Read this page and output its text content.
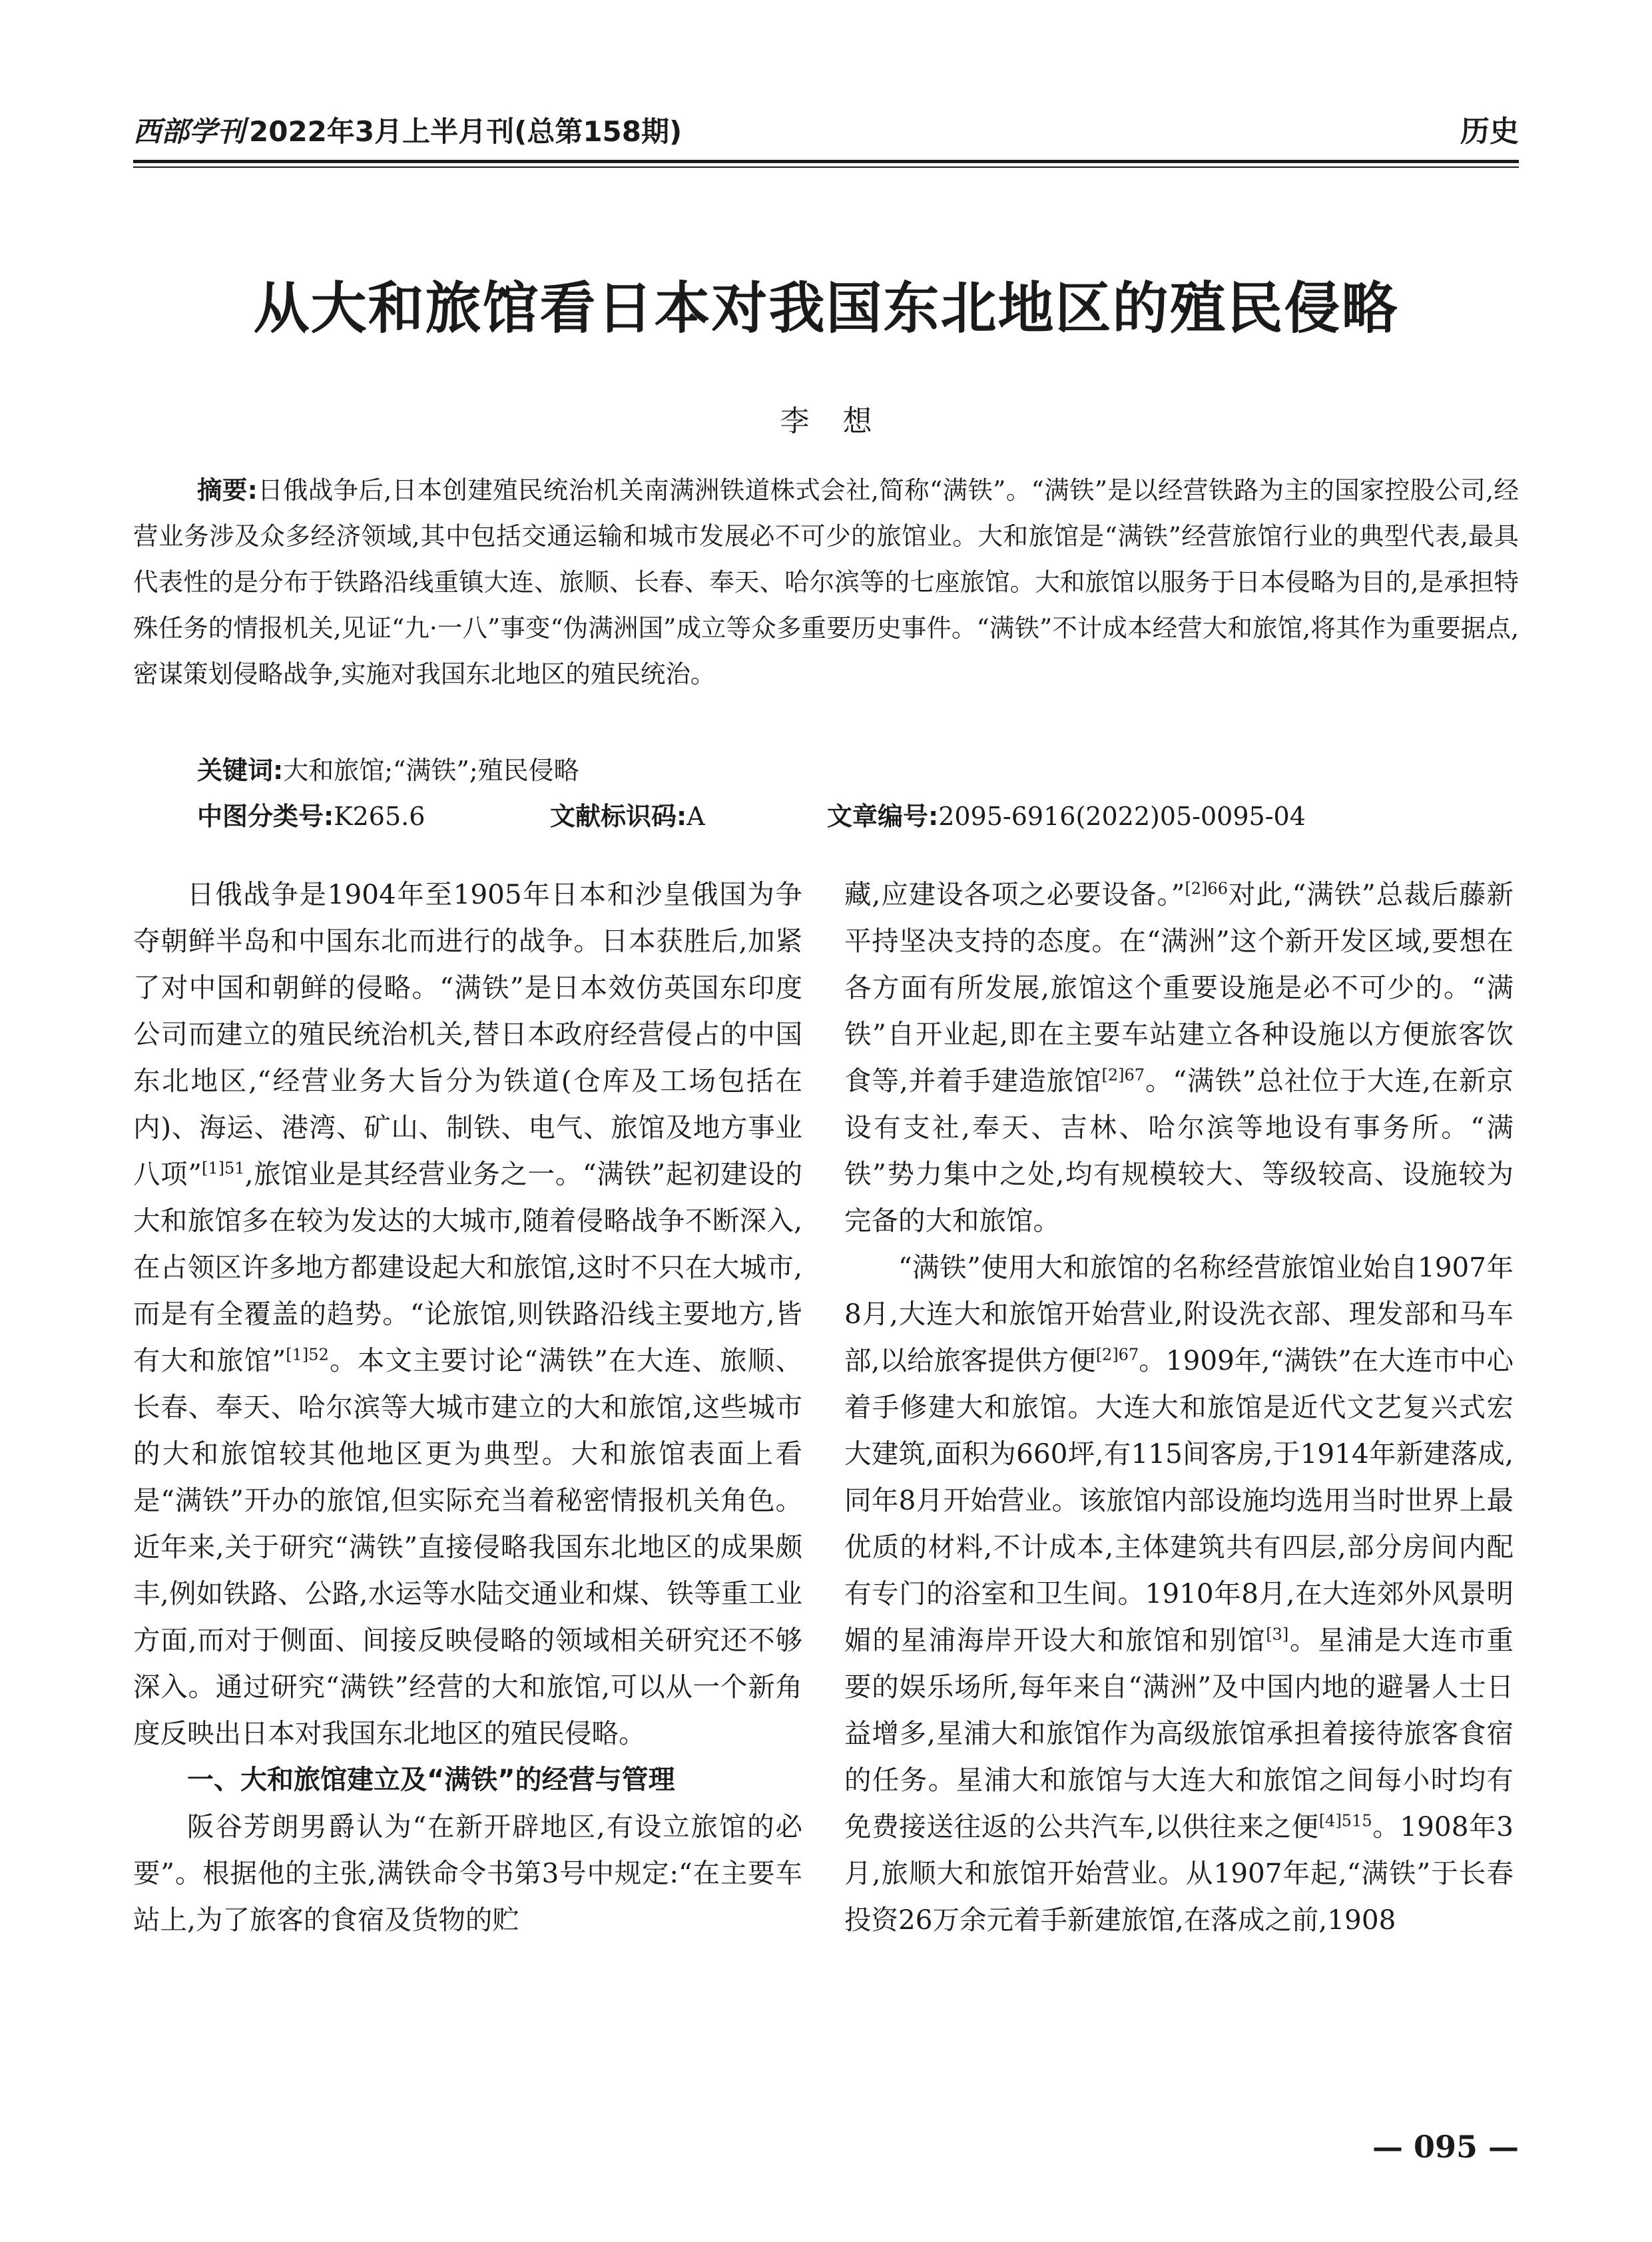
西部学刊 2022年3月上半月刊(总第158期)	历史
从大和旅馆看日本对我国东北地区的殖民侵略
李想
摘要:日俄战争后,日本创建殖民统治机关南满洲铁道株式会社,简称“满铁”。“满铁”是以经营铁路为主的国家控股公司,经营业务涉及众多经济领域,其中包括交通运输和城市发展必不可少的旅馆业。大和旅馆是“满铁”经营旅馆行业的典型代表,最具代表性的是分布于铁路沿线重镇大连、旅顺、长春、奉天、哈尔滨等的七座旅馆。大和旅馆以服务于日本侵略为目的,是承担特殊任务的情报机关,见证“九·一八”事变“伪满洲国”成立等众多重要历史事件。“满铁”不计成本经营大和旅馆,将其作为重要据点,密谋策划侵略战争,实施对我国东北地区的殖民统治。
关键词:大和旅馆;“满铁”;殖民侵略
中图分类号:K265.6	文献标识码:A	文章编号:2095-6916(2022)05-0095-04

日俄战争是1904年至1905年日本和沙皇俄国为争夺朝鲜半岛和中国东北而进行的战争。日本获胜后,加紧了对中国和朝鲜的侵略。“满铁”是日本效仿英国东印度公司而建立的殖民统治机关,替日本政府经营侵占的中国东北地区,“经营业务大旨分为铁道(仓库及工场包括在内)、海运、港湾、矿山、制铁、电气、旅馆及地方事业八项”$^{[1]51}$,旅馆业是其经营业务之一。“满铁”起初建设的大和旅馆多在较为发达的大城市,随着侵略战争不断深入,在占领区许多地方都建设起大和旅馆,这时不只在大城市,而是有全覆盖的趋势。“论旅馆,则铁路沿线主要地方,皆有大和旅馆”$^{[1]52}$。本文主要讨论“满铁”在大连、旅顺、长春、奉天、哈尔滨等大城市建立的大和旅馆,这些城市的大和旅馆较其他地区更为典型。大和旅馆表面上看是“满铁”开办的旅馆,但实际充当着秘密情报机关角色。近年来,关于研究“满铁”直接侵略我国东北地区的成果颇丰,例如铁路、公路,水运等水陆交通业和煤、铁等重工业方面,而对于侧面、间接反映侵略的领域相关研究还不够深入。通过研究“满铁”经营的大和旅馆,可以从一个新角度反映出日本对我国东北地区的殖民侵略。

一、大和旅馆建立及“满铁”的经营与管理

阪谷芳朗男爵认为“在新开辟地区,有设立旅馆的必要”。根据他的主张,满铁命令书第3号中规定:“在主要车站上,为了旅客的食宿及货物的贮

藏,应建设各项之必要设备。”$^{[2]66}$对此,“满铁”总裁后藤新平持坚决支持的态度。在“满洲”这个新开发区域,要想在各方面有所发展,旅馆这个重要设施是必不可少的。“满铁”自开业起,即在主要车站建立各种设施以方便旅客饮食等,并着手建造旅馆$^{[2]67}$。“满铁”总社位于大连,在新京设有支社,奉天、吉林、哈尔滨等地设有事务所。“满铁”势力集中之处,均有规模较大、等级较高、设施较为完备的大和旅馆。

“满铁”使用大和旅馆的名称经营旅馆业始自1907年8月,大连大和旅馆开始营业,附设洗衣部、理发部和马车部,以给旅客提供方便$^{[2]67}$。1909年,“满铁”在大连市中心着手修建大和旅馆。大连大和旅馆是近代文艺复兴式宏大建筑,面积为660坪,有115间客房,于1914年新建落成,同年8月开始营业。该旅馆内部设施均选用当时世界上最优质的材料,不计成本,主体建筑共有四层,部分房间内配有专门的浴室和卫生间。1910年8月,在大连郊外风景明媚的星浦海岸开设大和旅馆和别馆[3]。星浦是大连市重要的娱乐场所,每年来自“满洲”及中国内地的避暑人士日益增多,星浦大和旅馆作为高级旅馆承担着接待旅客食宿的任务。星浦大和旅馆与大连大和旅馆之间每小时均有免费接送往返的公共汽车,以供往来之便$^{[4]515}$。1908年3月,旅顺大和旅馆开始营业。从1907年起,“满铁”于长春投资26万余元着手新建旅馆,在落成之前,1908

— 095 —
